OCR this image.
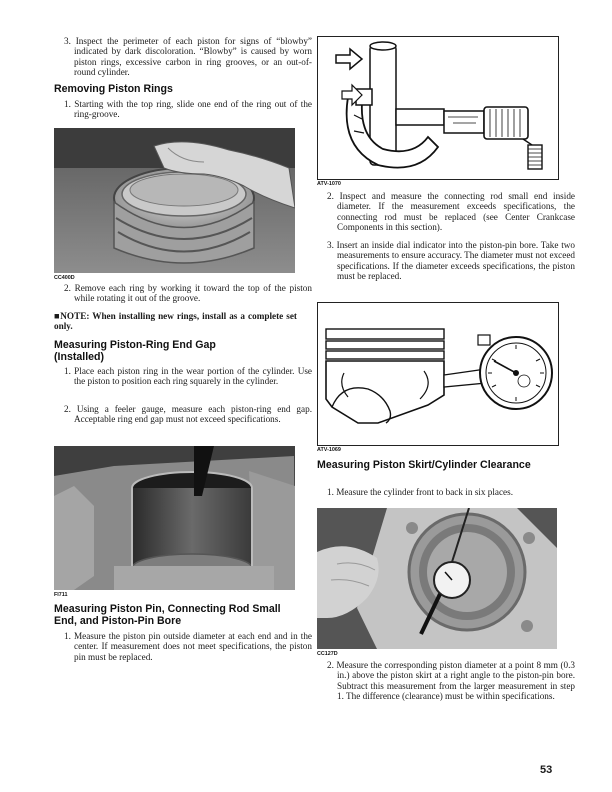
3. Inspect the perimeter of each piston for signs of “blowby” indicated by dark discoloration. “Blowby” is caused by worn piston rings, excessive carbon in ring grooves, or an out-of-round cylinder.
Removing Piston Rings
1. Starting with the top ring, slide one end of the ring out of the ring-groove.
CC400D
2. Remove each ring by working it toward the top of the piston while rotating it out of the groove.
■NOTE: When installing new rings, install as a complete set only.
Measuring Piston-Ring End Gap (Installed)
1. Place each piston ring in the wear portion of the cylinder. Use the piston to position each ring squarely in the cylinder.
2. Using a feeler gauge, measure each piston-ring end gap. Acceptable ring end gap must not exceed specifications.
FI711
Measuring Piston Pin, Connecting Rod Small End, and Piston-Pin Bore
1. Measure the piston pin outside diameter at each end and in the center. If measurement does not meet specifications, the piston pin must be replaced.
ATV-1070
2. Inspect and measure the connecting rod small end inside diameter. If the measurement exceeds specifications, the connecting rod must be replaced (see Center Crankcase Components in this section).
3. Insert an inside dial indicator into the piston-pin bore. Take two measurements to ensure accuracy. The diameter must not exceed specifications. If the diameter exceeds specifications, the piston must be replaced.
ATV-1069
Measuring Piston Skirt/Cylinder Clearance
1. Measure the cylinder front to back in six places.
CC127D
2. Measure the corresponding piston diameter at a point 8 mm (0.3 in.) above the piston skirt at a right angle to the piston-pin bore. Subtract this measurement from the larger measurement in step 1. The difference (clearance) must be within specifications.
53
